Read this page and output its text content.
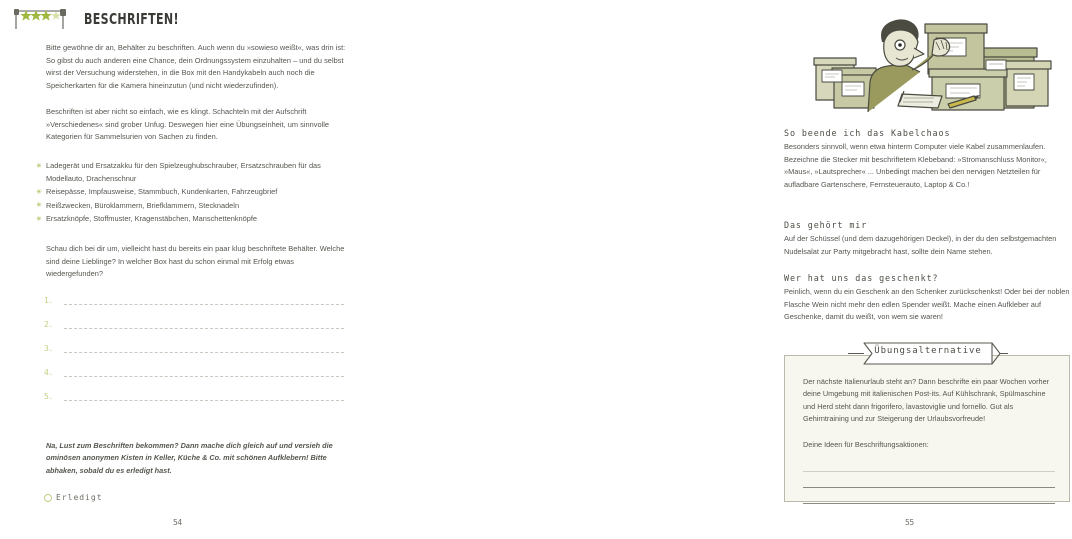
BESCHRIFTEN!
Bitte gewöhne dir an, Behälter zu beschriften. Auch wenn du »sowieso weißt«, was drin ist: So gibst du auch anderen eine Chance, dein Ordnungssystem einzuhalten – und du selbst wirst der Versuchung widerstehen, in die Box mit den Handykabeln auch noch die Speicherkarten für die Kamera hineinzutun (und nicht wiederzufinden).
Beschriften ist aber nicht so einfach, wie es klingt. Schachteln mit der Aufschrift »Verschiedenes« sind grober Unfug. Deswegen hier eine Übungseinheit, um sinnvolle Kategorien für Sammelsurien von Sachen zu finden.
✳ Ladegerät und Ersatzakku für den Spielzeughubschrauber, Ersatzschrauben für das Modellauto, Drachenschnur
✳ Reisepässe, Impfausweise, Stammbuch, Kundenkarten, Fahrzeugbrief
✳ Reißzwecken, Büroklammern, Briefklammern, Stecknadeln
✳ Ersatzknöpfe, Stoffmuster, Kragenstäbchen, Manschettenknöpfe
Schau dich bei dir um, vielleicht hast du bereits ein paar klug beschriftete Behälter. Welche sind deine Lieblinge? In welcher Box hast du schon einmal mit Erfolg etwas wiedergefunden?
1.
2.
3.
4.
5.
Na, Lust zum Beschriften bekommen? Dann mache dich gleich auf und versieh die ominösen anonymen Kisten in Keller, Küche & Co. mit schönen Aufklebern! Bitte abhaken, sobald du es erledigt hast.
Erledigt
54
So beende ich das Kabelchaos
Besonders sinnvoll, wenn etwa hinterm Computer viele Kabel zusammenlaufen. Bezeichne die Stecker mit beschriftetem Klebeband: »Stromanschluss Monitor«, »Maus«, »Lautsprecher« ... Unbedingt machen bei den nervigen Netzteilen für aufladbare Gartenschere, Fernsteuerauto, Laptop & Co.!
Das gehört mir
Auf der Schüssel (und dem dazugehörigen Deckel), in der du den selbstgemachten Nudelsalat zur Party mitgebracht hast, sollte dein Name stehen.
Wer hat uns das geschenkt?
Peinlich, wenn du ein Geschenk an den Schenker zurückschenkst! Oder bei der noblen Flasche Wein nicht mehr den edlen Spender weißt. Mache einen Aufkleber auf Geschenke, damit du weißt, von wem sie waren!
Der nächste Italienurlaub steht an? Dann beschrifte ein paar Wochen vorher deine Umgebung mit italienischen Post-its. Auf Kühlschrank, Spülmaschine und Herd steht dann frigorifero, lavastoviglie und fornello. Gut als Gehirntraining und zur Steigerung der Urlaubsvorfreude!
Deine Ideen für Beschriftungsaktionen:
Übungsalternative
55
